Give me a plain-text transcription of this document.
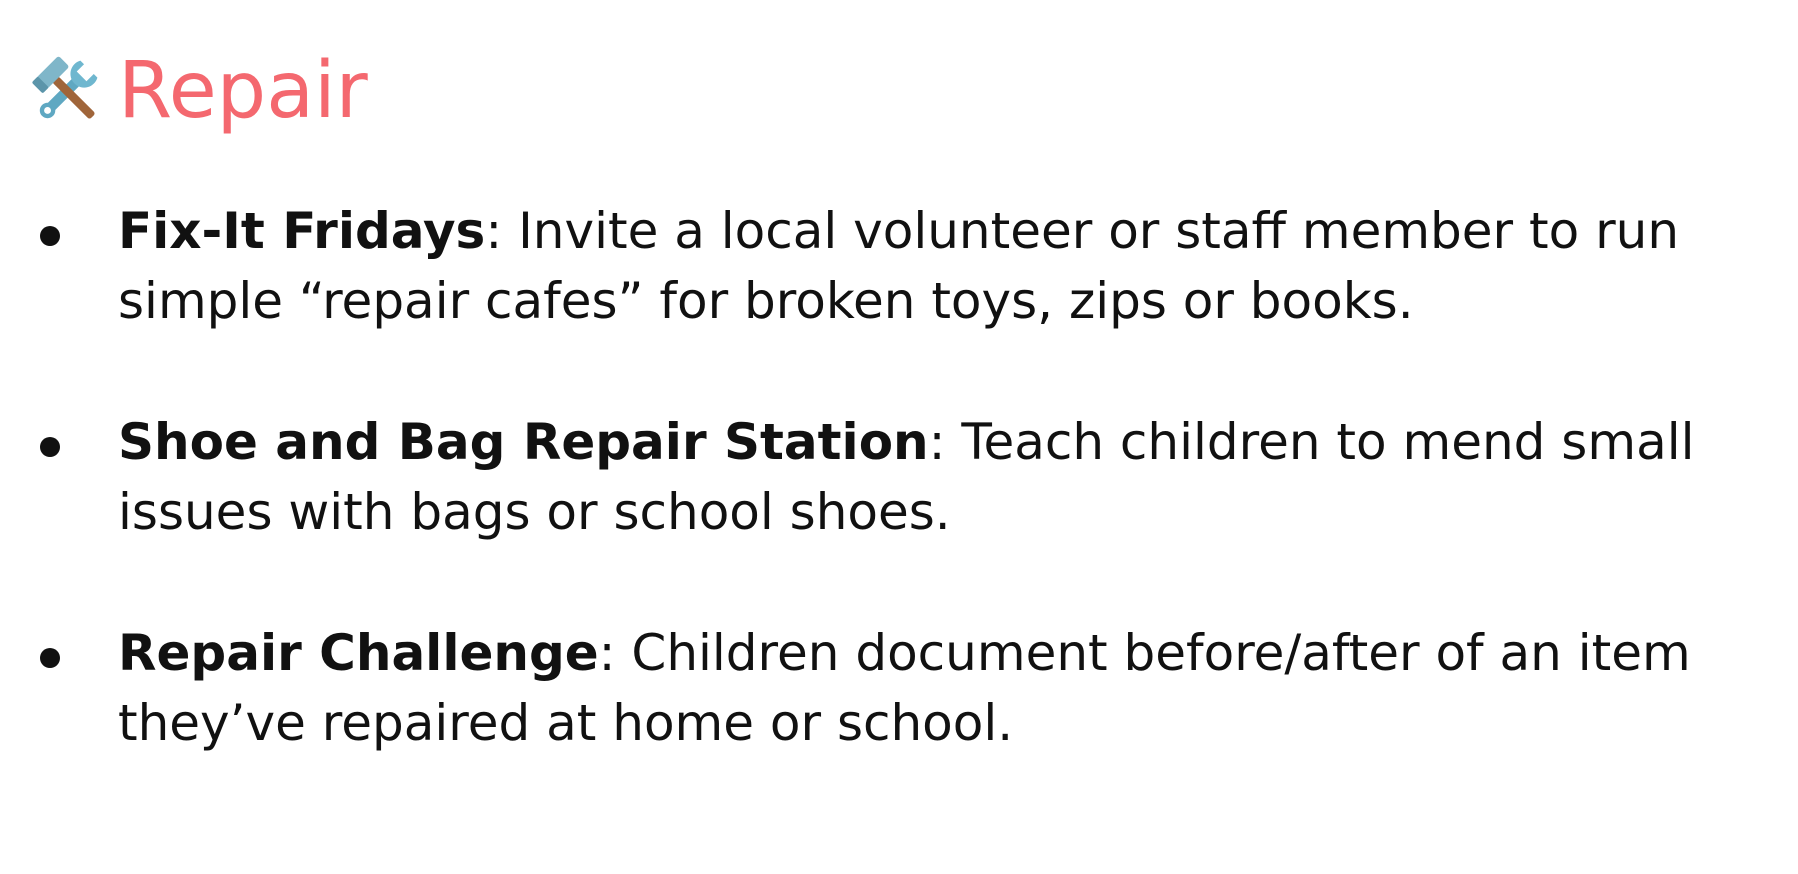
Repair
Fix-It Fridays: Invite a local volunteer or staff member to run simple “repair cafes” for broken toys, zips or books.
Shoe and Bag Repair Station: Teach children to mend small issues with bags or school shoes.
Repair Challenge: Children document before/after of an item they’ve repaired at home or school.
